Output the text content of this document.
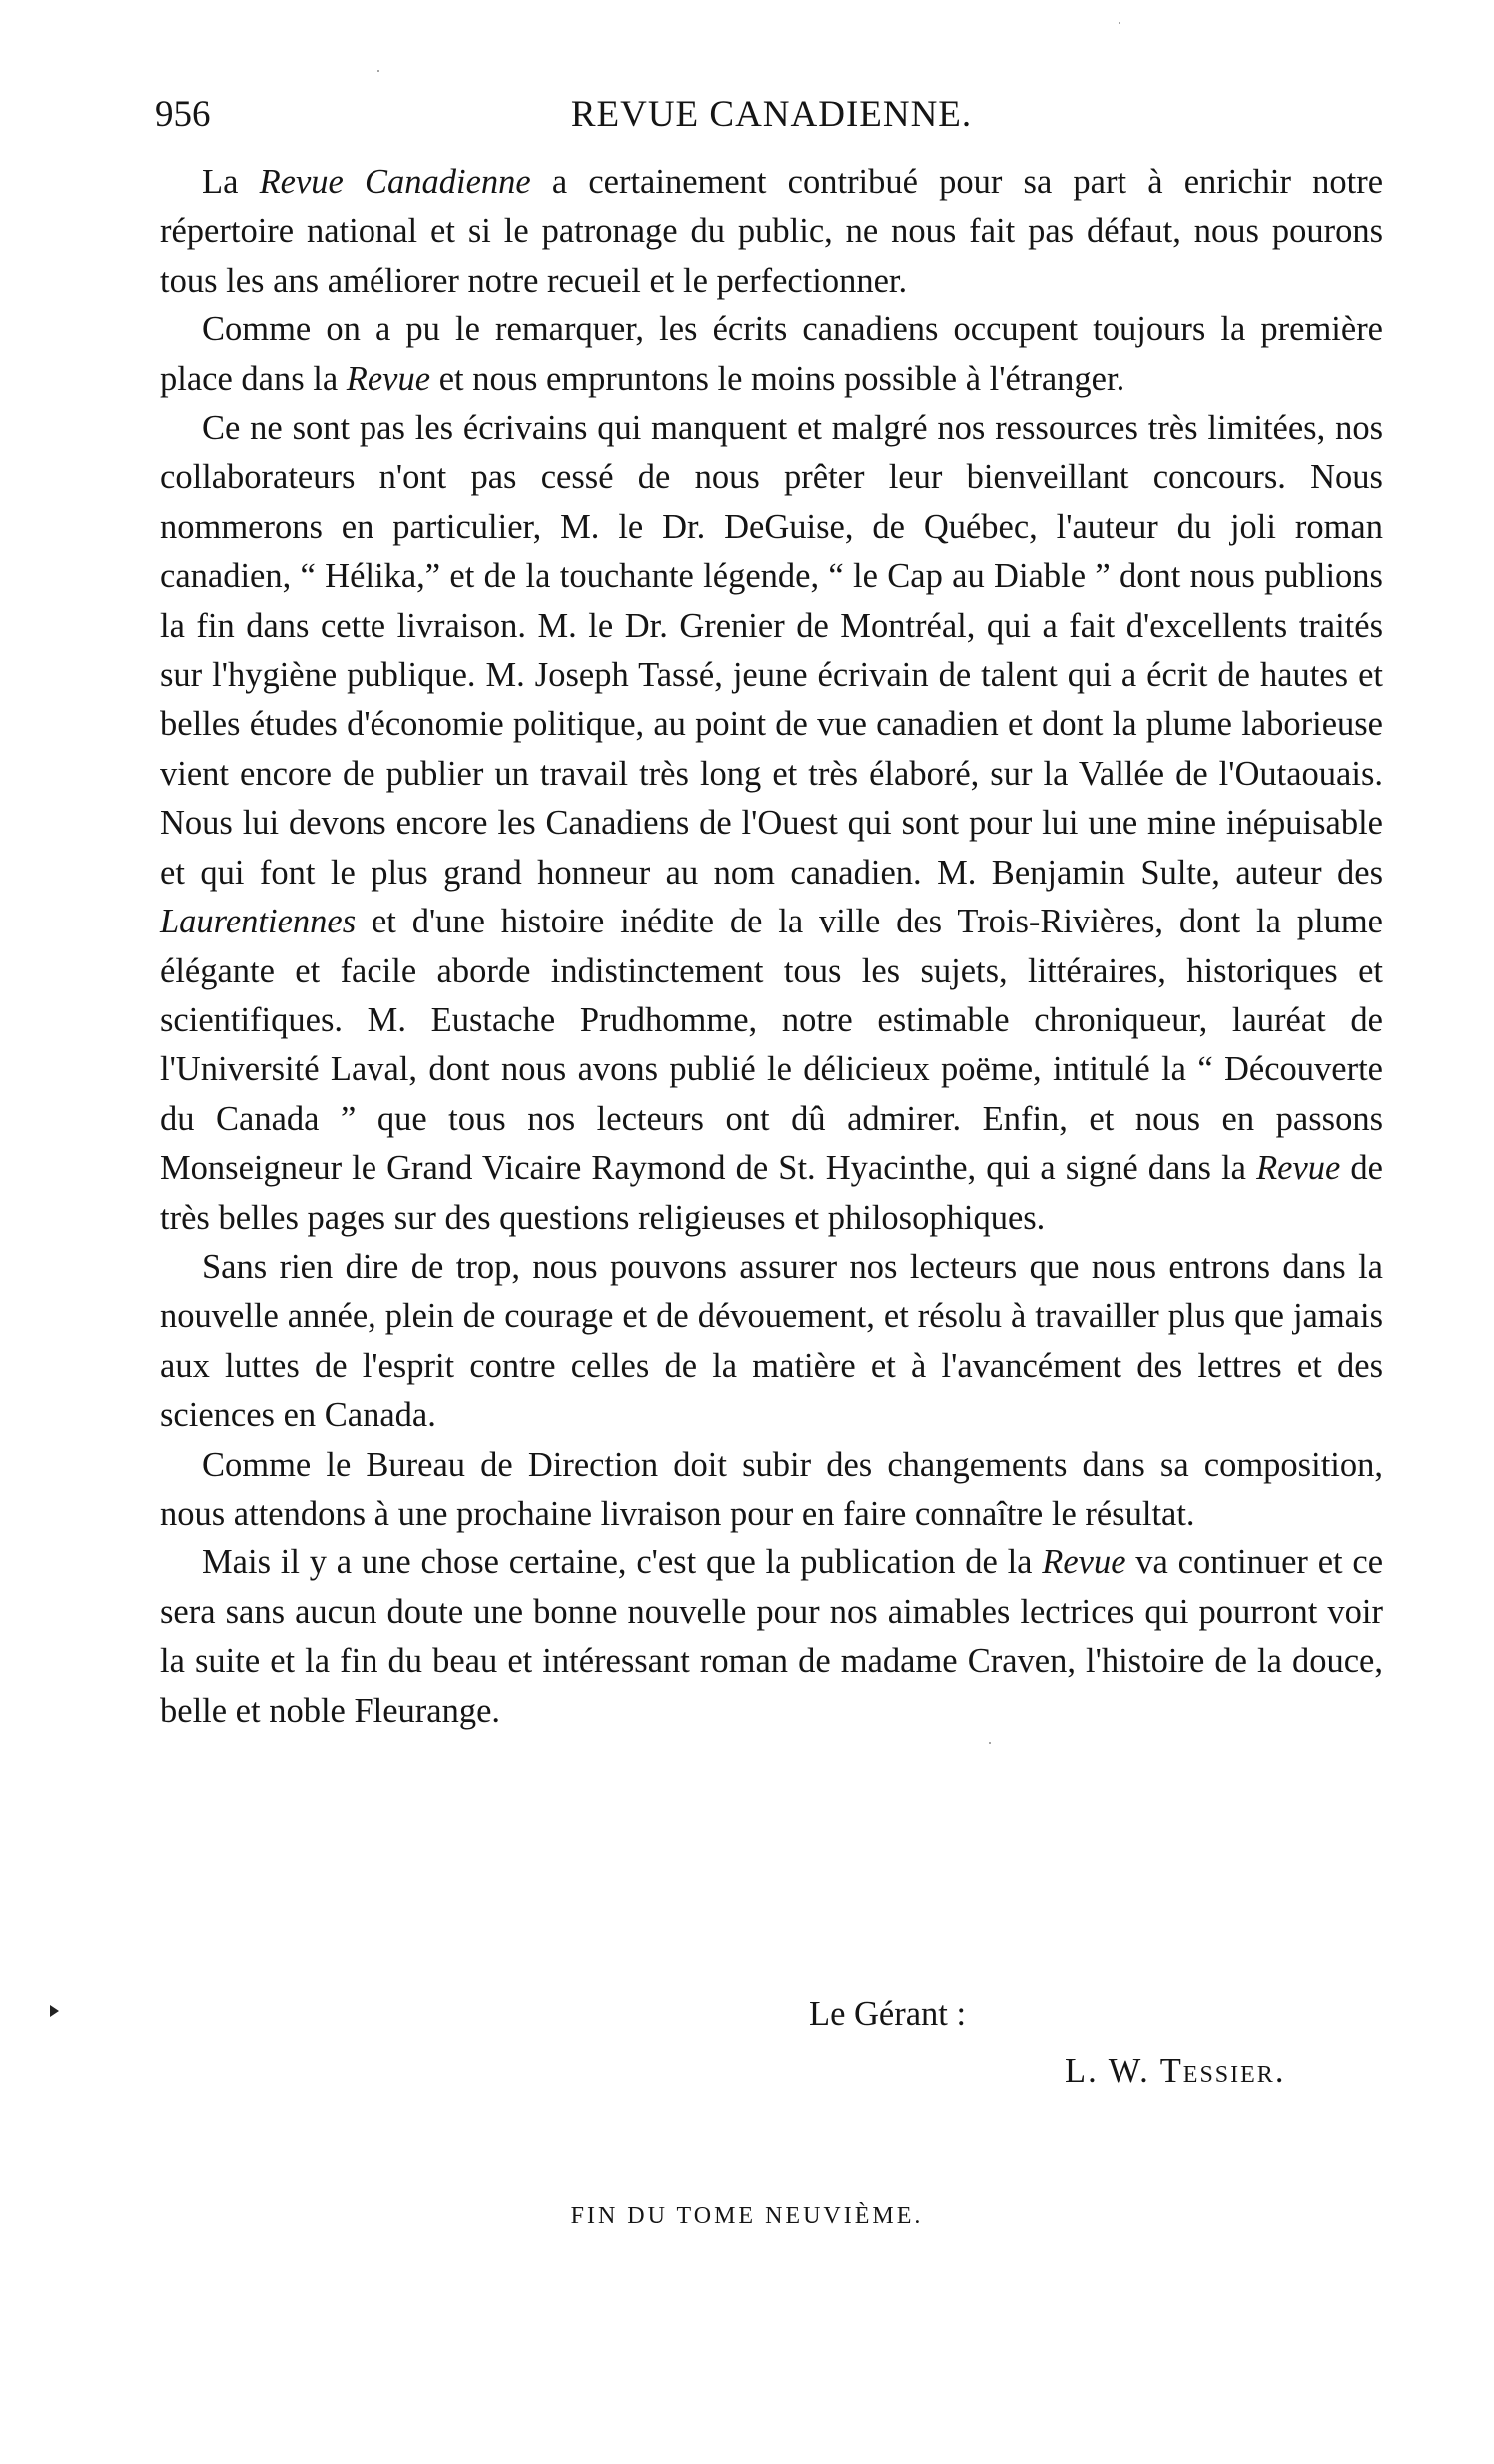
956	REVUE CANADIENNE.

La Revue Canadienne a certainement contribué pour sa part à enrichir notre répertoire national et si le patronage du public, ne nous fait pas défaut, nous pourons tous les ans améliorer notre recueil et le perfectionner.

Comme on a pu le remarquer, les écrits canadiens occupent toujours la première place dans la Revue et nous empruntons le moins possible à l'étranger.

Ce ne sont pas les écrivains qui manquent et malgré nos ressources très limitées, nos collaborateurs n'ont pas cessé de nous prêter leur bienveillant concours. Nous nommerons en particulier, M. le Dr. DeGuise, de Québec, l'auteur du joli roman canadien, “ Hélika,” et de la touchante légende, “ le Cap au Diable ” dont nous publions la fin dans cette livraison. M. le Dr. Grenier de Montréal, qui a fait d'excellents traités sur l'hygiène publique. M. Joseph Tassé, jeune écrivain de talent qui a écrit de hautes et belles études d'économie politique, au point de vue canadien et dont la plume laborieuse vient encore de publier un travail très long et très élaboré, sur la Vallée de l'Outaouais. Nous lui devons encore les Canadiens de l'Ouest qui sont pour lui une mine inépuisable et qui font le plus grand honneur au nom canadien. M. Benjamin Sulte, auteur des Laurentiennes et d'une histoire inédite de la ville des Trois-Rivières, dont la plume élégante et facile aborde indistinctement tous les sujets, littéraires, historiques et scientifiques. M. Eustache Prudhomme, notre estimable chroniqueur, lauréat de l'Université Laval, dont nous avons publié le délicieux poëme, intitulé la “ Découverte du Canada ” que tous nos lecteurs ont dû admirer. Enfin, et nous en passons Monseigneur le Grand Vicaire Raymond de St. Hyacinthe, qui a signé dans la Revue de très belles pages sur des questions religieuses et philosophiques.

Sans rien dire de trop, nous pouvons assurer nos lecteurs que nous entrons dans la nouvelle année, plein de courage et de dévouement, et résolu à travailler plus que jamais aux luttes de l'esprit contre celles de la matière et à l'avancément des lettres et des sciences en Canada.

Comme le Bureau de Direction doit subir des changements dans sa composition, nous attendons à une prochaine livraison pour en faire connaître le résultat.

Mais il y a une chose certaine, c'est que la publication de la Revue va continuer et ce sera sans aucun doute une bonne nouvelle pour nos aimables lectrices qui pourront voir la suite et la fin du beau et intéressant roman de madame Craven, l'histoire de la douce, belle et noble Fleurange.

Le Gérant :
L. W. Tessier.
FIN DU TOME NEUVIÈME.
